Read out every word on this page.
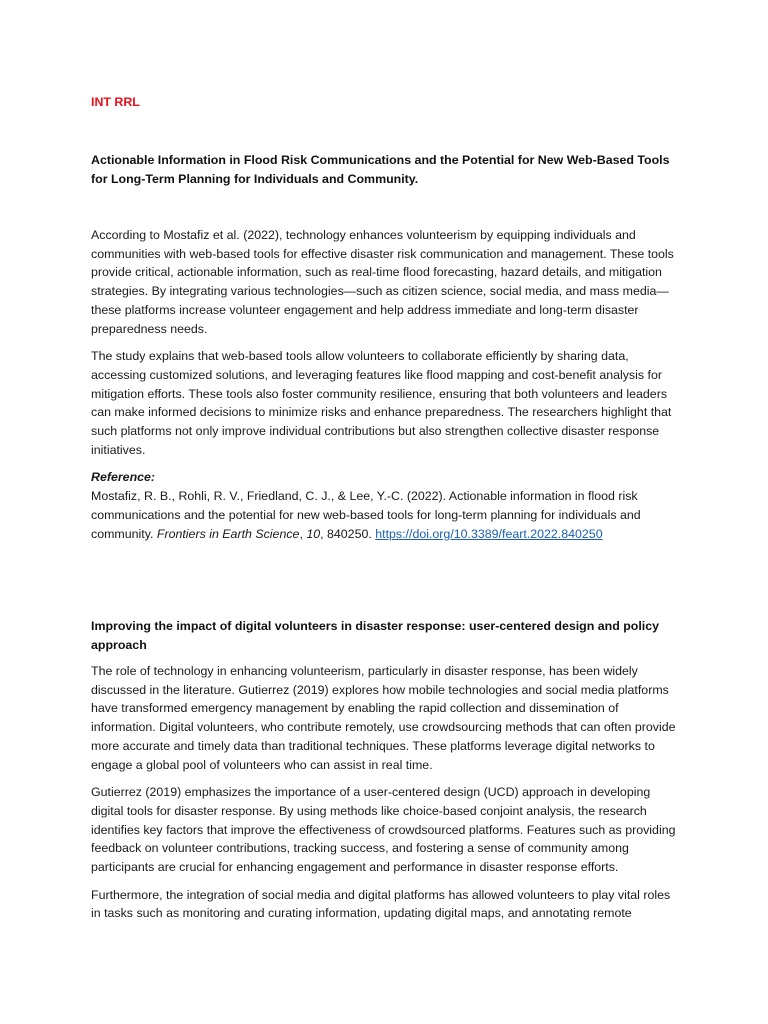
INT RRL

Actionable Information in Flood Risk Communications and the Potential for New Web-Based Tools for Long-Term Planning for Individuals and Community.

According to Mostafiz et al. (2022), technology enhances volunteerism by equipping individuals and communities with web-based tools for effective disaster risk communication and management. These tools provide critical, actionable information, such as real-time flood forecasting, hazard details, and mitigation strategies. By integrating various technologies—such as citizen science, social media, and mass media—these platforms increase volunteer engagement and help address immediate and long-term disaster preparedness needs.

The study explains that web-based tools allow volunteers to collaborate efficiently by sharing data, accessing customized solutions, and leveraging features like flood mapping and cost-benefit analysis for mitigation efforts. These tools also foster community resilience, ensuring that both volunteers and leaders can make informed decisions to minimize risks and enhance preparedness. The researchers highlight that such platforms not only improve individual contributions but also strengthen collective disaster response initiatives.

Reference:

Mostafiz, R. B., Rohli, R. V., Friedland, C. J., & Lee, Y.-C. (2022). Actionable information in flood risk communications and the potential for new web-based tools for long-term planning for individuals and community. Frontiers in Earth Science, 10, 840250. https://doi.org/10.3389/feart.2022.840250

Improving the impact of digital volunteers in disaster response: user-centered design and policy approach

The role of technology in enhancing volunteerism, particularly in disaster response, has been widely discussed in the literature. Gutierrez (2019) explores how mobile technologies and social media platforms have transformed emergency management by enabling the rapid collection and dissemination of information. Digital volunteers, who contribute remotely, use crowdsourcing methods that can often provide more accurate and timely data than traditional techniques. These platforms leverage digital networks to engage a global pool of volunteers who can assist in real time.

Gutierrez (2019) emphasizes the importance of a user-centered design (UCD) approach in developing digital tools for disaster response. By using methods like choice-based conjoint analysis, the research identifies key factors that improve the effectiveness of crowdsourced platforms. Features such as providing feedback on volunteer contributions, tracking success, and fostering a sense of community among participants are crucial for enhancing engagement and performance in disaster response efforts.

Furthermore, the integration of social media and digital platforms has allowed volunteers to play vital roles in tasks such as monitoring and curating information, updating digital maps, and annotating remote
